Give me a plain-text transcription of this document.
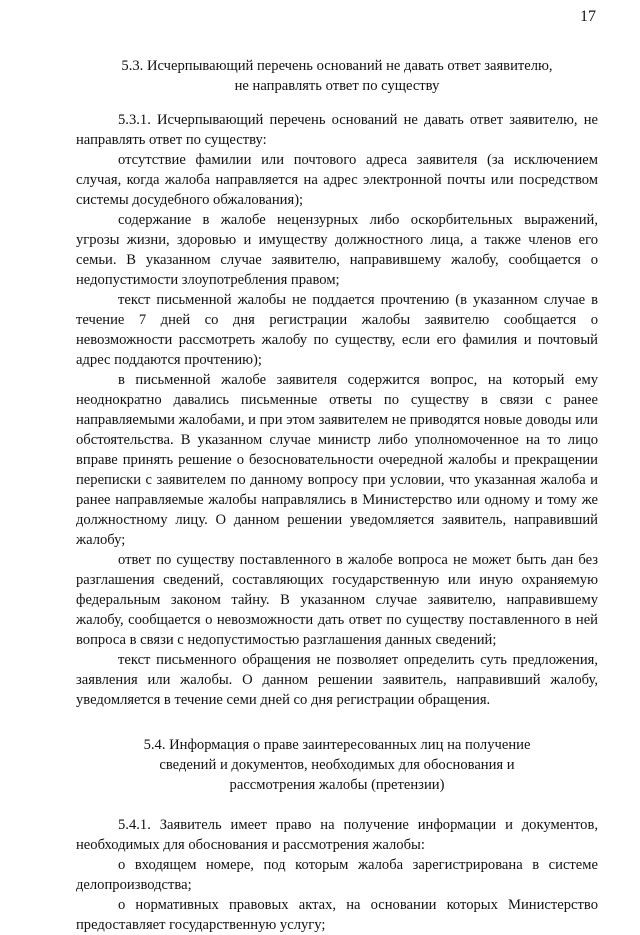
17
5.3. Исчерпывающий перечень оснований не давать ответ заявителю,
не направлять ответ по существу

5.3.1. Исчерпывающий перечень оснований не давать ответ заявителю, не направлять ответ по существу:

отсутствие фамилии или почтового адреса заявителя (за исключением случая, когда жалоба направляется на адрес электронной почты или посредством системы досудебного обжалования);

содержание в жалобе нецензурных либо оскорбительных выражений, угрозы жизни, здоровью и имуществу должностного лица, а также членов его семьи. В указанном случае заявителю, направившему жалобу, сообщается о недопустимости злоупотребления правом;

текст письменной жалобы не поддается прочтению (в указанном случае в течение 7 дней со дня регистрации жалобы заявителю сообщается о невозможности рассмотреть жалобу по существу, если его фамилия и почтовый адрес поддаются прочтению);

в письменной жалобе заявителя содержится вопрос, на который ему неоднократно давались письменные ответы по существу в связи с ранее направляемыми жалобами, и при этом заявителем не приводятся новые доводы или обстоятельства. В указанном случае министр либо уполномоченное на то лицо вправе принять решение о безосновательности очередной жалобы и прекращении переписки с заявителем по данному вопросу при условии, что указанная жалоба и ранее направляемые жалобы направлялись в Министерство или одному и тому же должностному лицу. О данном решении уведомляется заявитель, направивший жалобу;

ответ по существу поставленного в жалобе вопроса не может быть дан без разглашения сведений, составляющих государственную или иную охраняемую федеральным законом тайну. В указанном случае заявителю, направившему жалобу, сообщается о невозможности дать ответ по существу поставленного в ней вопроса в связи с недопустимостью разглашения данных сведений;

текст письменного обращения не позволяет определить суть предложения, заявления или жалобы. О данном решении заявитель, направивший жалобу, уведомляется в течение семи дней со дня регистрации обращения.

5.4. Информация о праве заинтересованных лиц на получение
сведений и документов, необходимых для обоснования и
рассмотрения жалобы (претензии)

5.4.1. Заявитель имеет право на получение информации и документов, необходимых для обоснования и рассмотрения жалобы:

о входящем номере, под которым жалоба зарегистрирована в системе делопроизводства;

о нормативных правовых актах, на основании которых Министерство предоставляет государственную услугу;
